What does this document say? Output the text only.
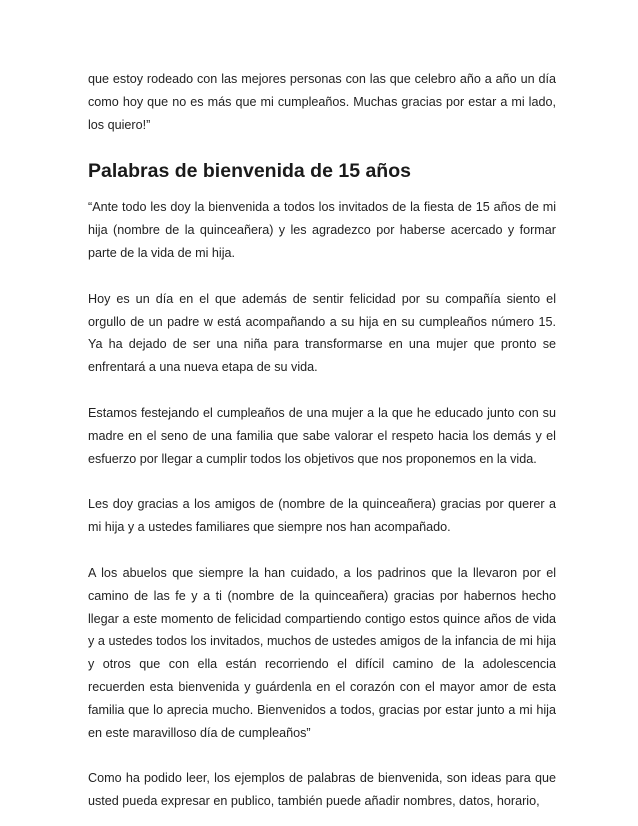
que estoy rodeado con las mejores personas con las que celebro año a año un día como hoy que no es más que mi cumpleaños. Muchas gracias por estar a mi lado, los quiero!”

Palabras de bienvenida de 15 años

“Ante todo les doy la bienvenida a todos los invitados de la fiesta de 15 años de mi hija (nombre de la quinceañera) y les agradezco por haberse acercado y formar parte de la vida de mi hija.

Hoy es un día en el que además de sentir felicidad por su compañía siento el orgullo de un padre w está acompañando a su hija en su cumpleaños número 15. Ya ha dejado de ser una niña para transformarse en una mujer que pronto se enfrentará a una nueva etapa de su vida.

Estamos festejando el cumpleaños de una mujer a la que he educado junto con su madre en el seno de una familia que sabe valorar el respeto hacia los demás y el esfuerzo por llegar a cumplir todos los objetivos que nos proponemos en la vida.

Les doy gracias a los amigos de (nombre de la quinceañera) gracias por querer a mi hija y a ustedes familiares que siempre nos han acompañado.

A los abuelos que siempre la han cuidado, a los padrinos que la llevaron por el camino de las fe y a ti (nombre de la quinceañera) gracias por habernos hecho llegar a este momento de felicidad compartiendo contigo estos quince años de vida y a ustedes todos los invitados, muchos de ustedes amigos de la infancia de mi hija y otros que con ella están recorriendo el difícil camino de la adolescencia recuerden esta bienvenida y guárdenla en el corazón con el mayor amor de esta familia que lo aprecia mucho. Bienvenidos a todos, gracias por estar junto a mi hija en este maravilloso día de cumpleaños”

Como ha podido leer, los ejemplos de palabras de bienvenida, son ideas para que usted pueda expresar en publico, también puede añadir nombres, datos, horario,
